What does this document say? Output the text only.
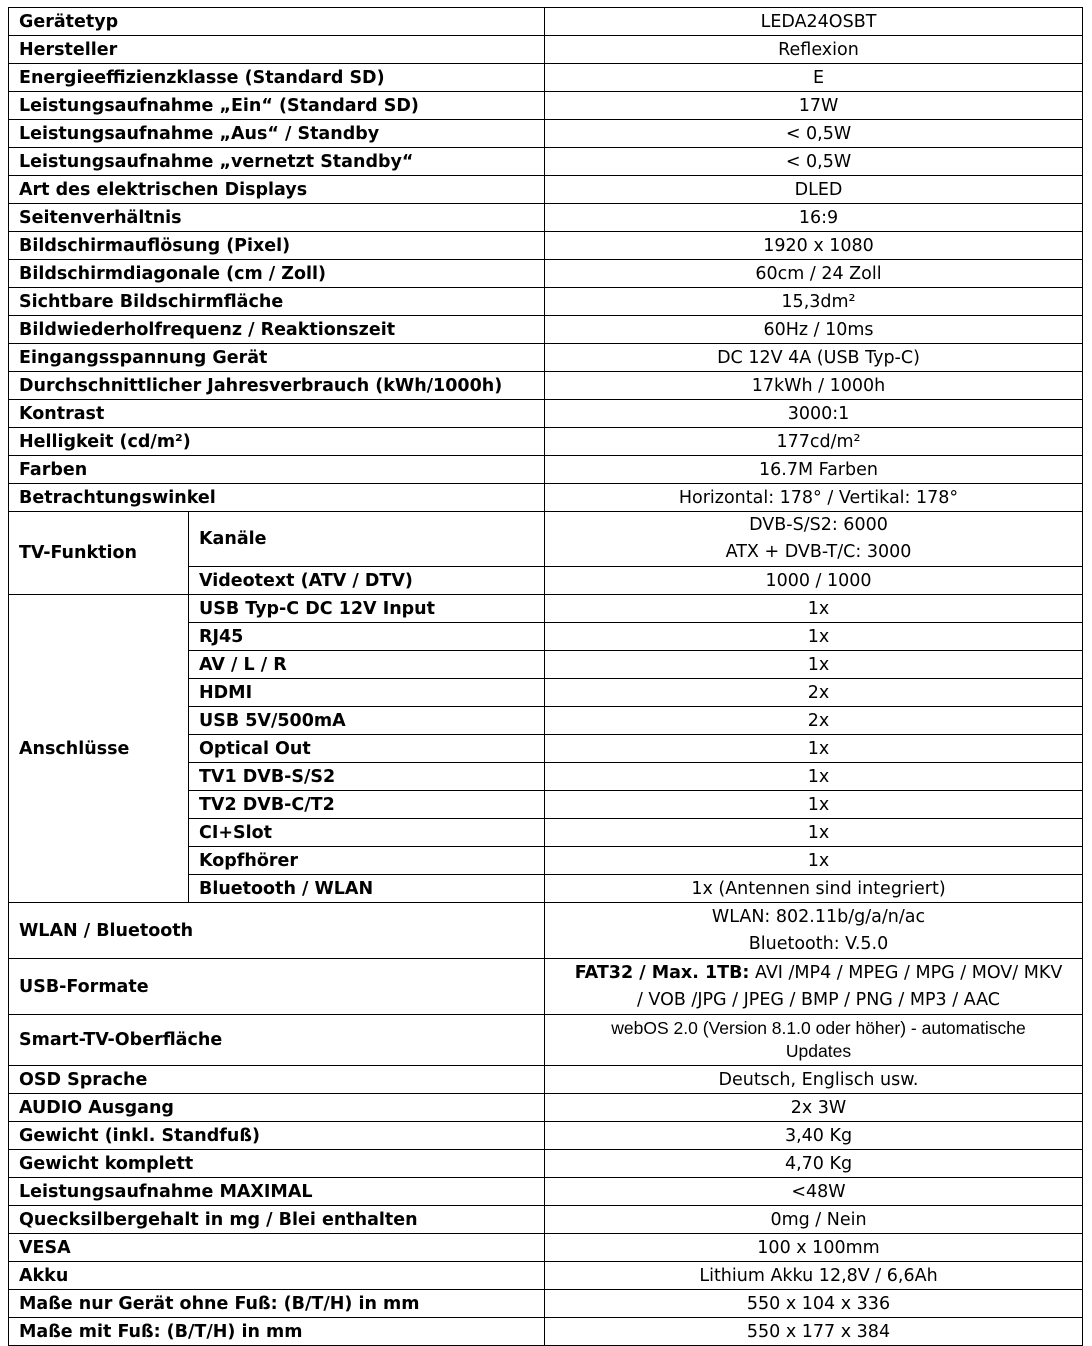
Gerätetyp		LEDA24OSBT
Hersteller		Reflexion
Energieeffizienzklasse (Standard SD)		E
Leistungsaufnahme „Ein“ (Standard SD)		17W
Leistungsaufnahme „Aus“ / Standby		< 0,5W
Leistungsaufnahme „vernetzt Standby“		< 0,5W
Art des elektrischen Displays		DLED
Seitenverhältnis		16:9
Bildschirmauflösung (Pixel)		1920 x 1080
Bildschirmdiagonale (cm / Zoll)		60cm / 24 Zoll
Sichtbare Bildschirmfläche		15,3dm²
Bildwiederholfrequenz / Reaktionszeit		60Hz / 10ms
Eingangsspannung Gerät		DC 12V 4A (USB Typ-C)
Durchschnittlicher Jahresverbrauch (kWh/1000h)		17kWh / 1000h
Kontrast		3000:1
Helligkeit (cd/m²)		177cd/m²
Farben		16.7M Farben
Betrachtungswinkel		Horizontal: 178° / Vertikal: 178°
TV-Funktion	Kanäle	DVB-S/S2: 6000
ATX + DVB-T/C: 3000

	Videotext (ATV / DTV)	1000 / 1000
Anschlüsse	USB Typ-C DC 12V Input	1x
	RJ45	1x
	AV / L / R	1x
	HDMI	2x
	USB 5V/500mA	2x
	Optical Out	1x
	TV1 DVB-S/S2	1x
	TV2 DVB-C/T2	1x
	CI+Slot	1x
	Kopfhörer	1x
	Bluetooth / WLAN	1x (Antennen sind integriert)
WLAN / Bluetooth		WLAN: 802.11b/g/a/n/ac
Bluetooth: V.5.0

USB-Formate		FAT32 / Max. 1TB: AVI /MP4 / MPEG / MPG / MOV/ MKV
/ VOB /JPG / JPEG / BMP / PNG / MP3 / AAC

Smart-TV-Oberfläche		webOS 2.0 (Version 8.1.0 oder höher) - automatische
Updates

OSD Sprache		Deutsch, Englisch usw.
AUDIO Ausgang		2x 3W
Gewicht (inkl. Standfuß)		3,40 Kg
Gewicht komplett		4,70 Kg
Leistungsaufnahme MAXIMAL		<48W
Quecksilbergehalt in mg / Blei enthalten		0mg / Nein
VESA		100 x 100mm
Akku		Lithium Akku 12,8V / 6,6Ah
Maße nur Gerät ohne Fuß: (B/T/H) in mm		550 x 104 x 336
Maße mit Fuß: (B/T/H) in mm		550 x 177 x 384
